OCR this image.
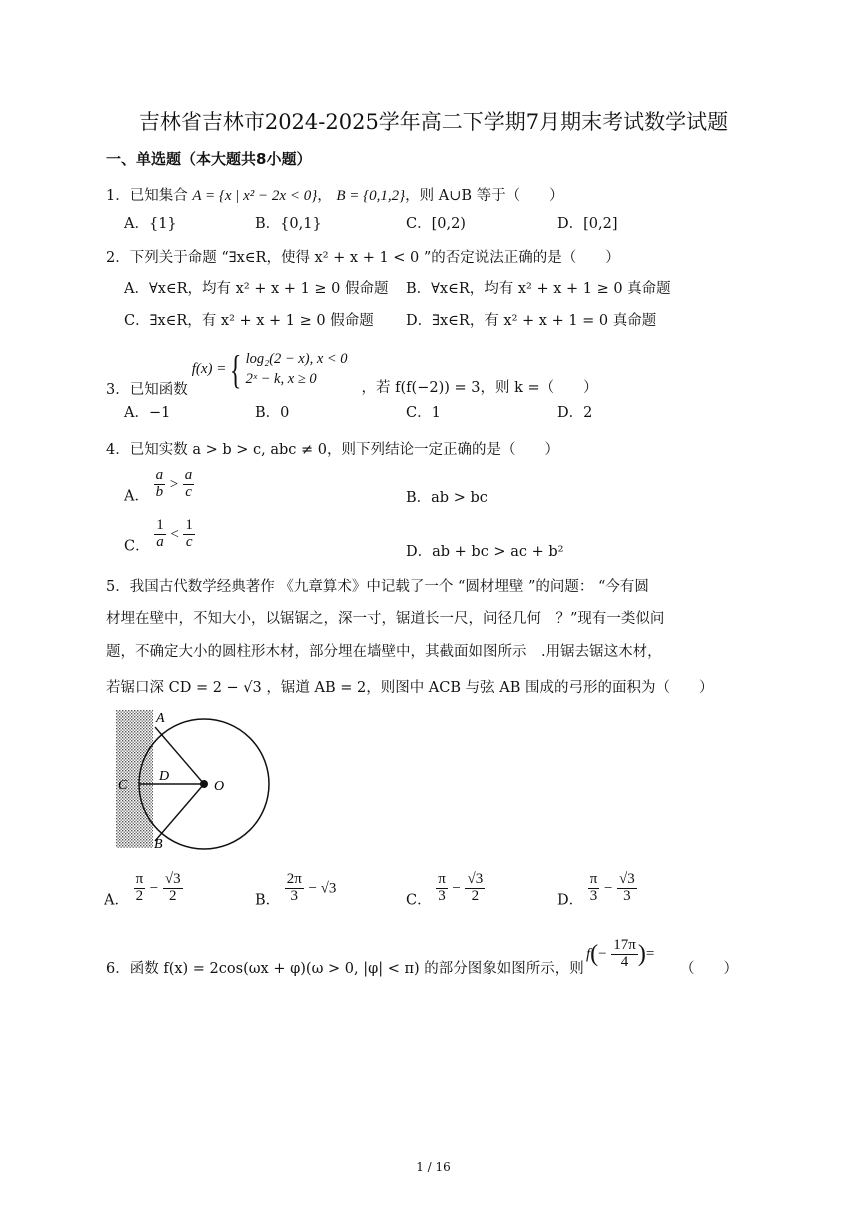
吉林省吉林市2024-2025学年高二下学期7月期末考试数学试题
一、单选题（本大题共8小题）
1．已知集合 A = {x | x² − 2x < 0}， B = {0,1,2}，则 A∪B 等于（　　）
A．{1}	B．{0,1}	C．[0,2)	D．[0,2]
2．下列关于命题 “∃x∈R，使得 x² + x + 1 < 0 ”的否定说法正确的是（　　）
A．∀x∈R，均有 x² + x + 1 ≥ 0 假命题 B．∀x∈R，均有 x² + x + 1 ≥ 0 真命题
C．∃x∈R，有 x² + x + 1 ≥ 0 假命题 D．∃x∈R，有 x² + x + 1 = 0 真命题
3．已知函数
f(x) = { log₂(2 − x), x < 0
2ˣ − k, x ≥ 0
，若 f(f(−2)) = 3，则 k =（　　）
A．−1	B．0	C．1	D．2
4．已知实数 a > b > c, abc ≠ 0，则下列结论一定正确的是（　　）
A． $\frac{a}{b} > \frac{a}{c}$	B．ab > bc
C． $\frac{1}{a} < \frac{1}{c}$
D．ab + bc > ac + b²
5．我国古代数学经典著作 《九章算术》中记载了一个 “圆材埋壁 ”的问题： “今有圆
材埋在壁中，不知大小，以锯锯之，深一寸，锯道长一尺，问径几何　？”现有一类似问
题，不确定大小的圆柱形木材，部分埋在墙壁中，其截面如图所示　.用锯去锯这木材，
若锯口深 CD = 2 − √3 ，锯道 AB = 2，则图中 ACB 与弦 AB 围成的弓形的面积为（　　）
A
B
C
D
O
A． $\frac{\pi}{2} - \frac{√3}{2}$	B． $\frac{2\pi}{3} - √3$
C． $\frac{\pi}{3} - \frac{√3}{2}$	D． $\frac{\pi}{3} - \frac{√3}{3}$
6．函数 f(x) = 2cos(ωx + φ)(ω > 0, |φ| < π) 的部分图象如图所示，则
$f(- \frac{17\pi}{4}$ )=
（　　）
1 / 16
